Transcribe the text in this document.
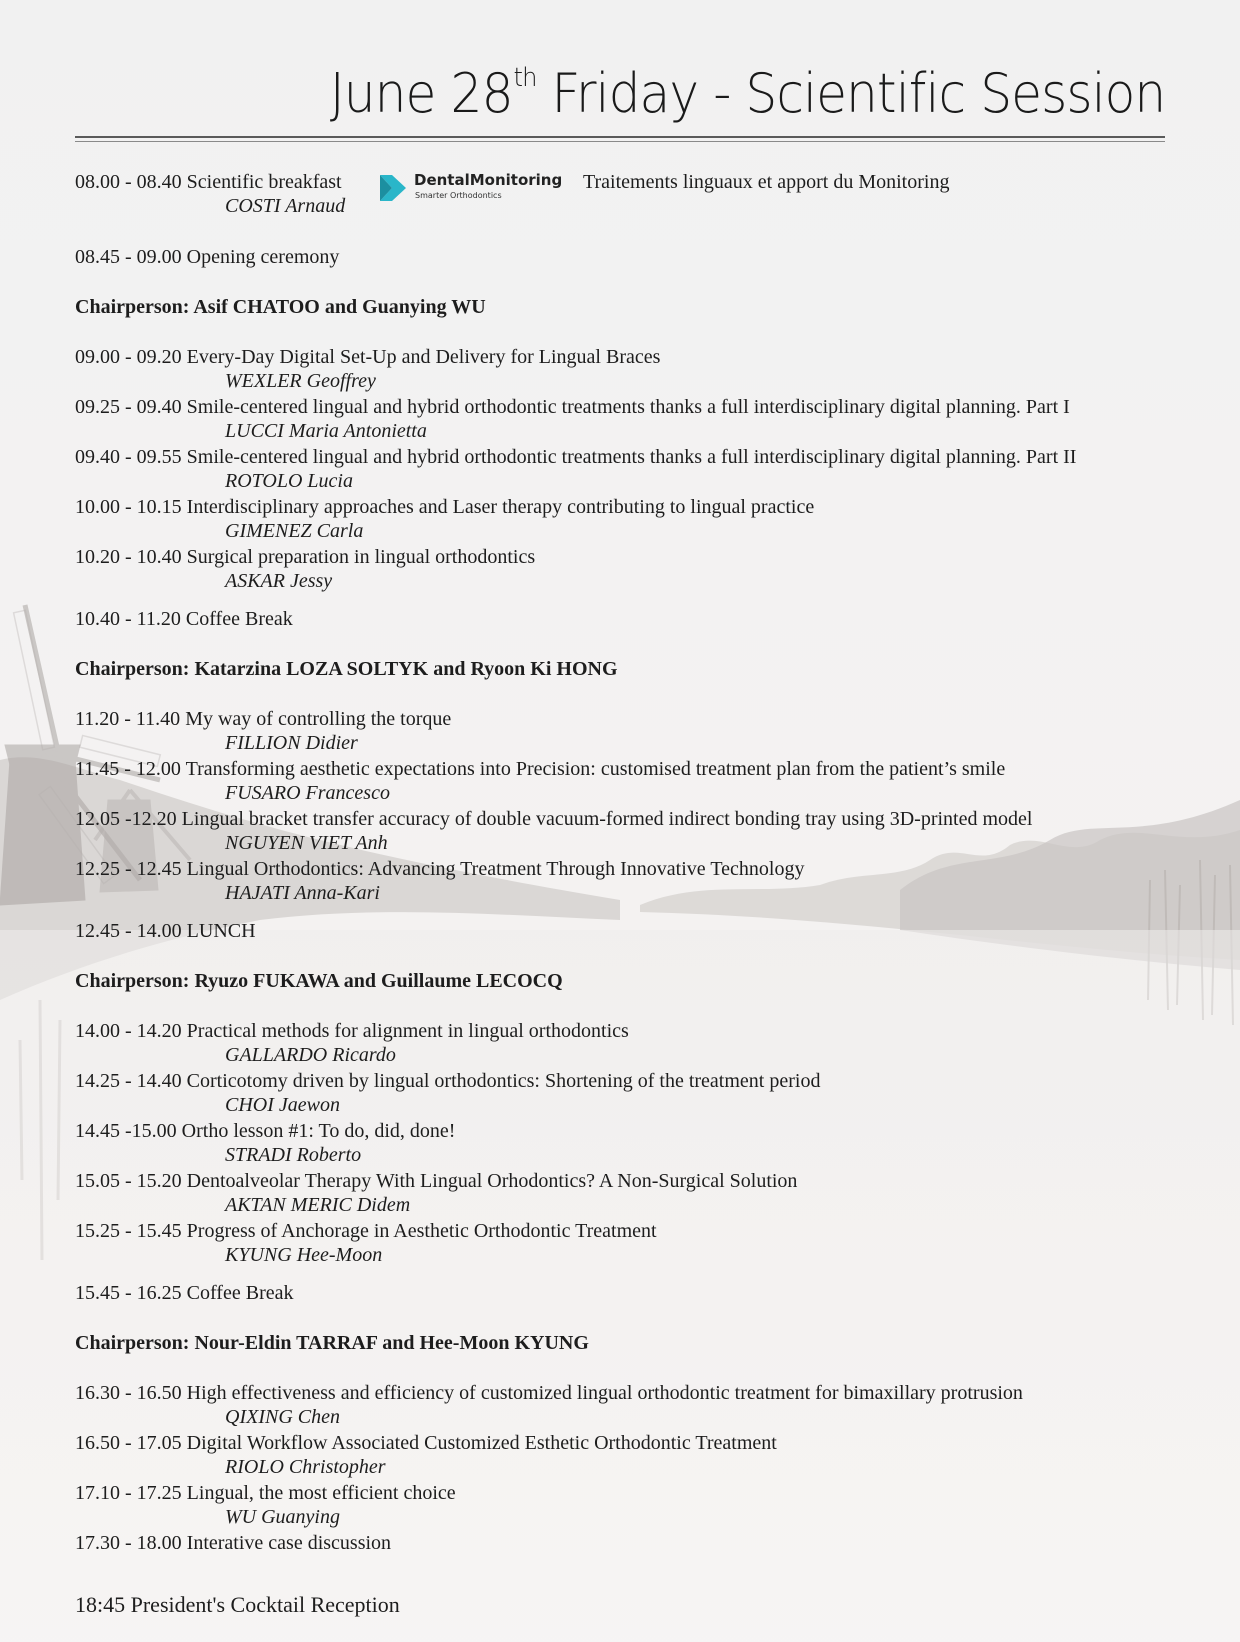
June 28th Friday - Scientific Session
08.00 - 08.40 Scientific breakfast
COSTI Arnaud
DentalMonitoring
Smarter Orthodontics
Traitements linguaux et apport du Monitoring
08.45 - 09.00 Opening ceremony
Chairperson: Asif CHATOO and Guanying WU
09.00 - 09.20 Every-Day Digital Set-Up and Delivery for Lingual Braces
WEXLER Geoffrey
09.25 - 09.40 Smile-centered lingual and hybrid orthodontic treatments thanks a full interdisciplinary digital planning. Part I
LUCCI Maria Antonietta
09.40 - 09.55 Smile-centered lingual and hybrid orthodontic treatments thanks a full interdisciplinary digital planning. Part II
ROTOLO Lucia
10.00 - 10.15 Interdisciplinary approaches and Laser therapy contributing to lingual practice
GIMENEZ Carla
10.20 - 10.40 Surgical preparation in lingual orthodontics
ASKAR Jessy
10.40 - 11.20 Coffee Break
Chairperson: Katarzina LOZA SOLTYK and Ryoon Ki HONG
11.20 - 11.40 My way of controlling the torque
FILLION Didier
11.45 - 12.00 Transforming aesthetic expectations into Precision: customised treatment plan from the patient’s smile
FUSARO Francesco
12.05 -12.20 Lingual bracket transfer accuracy of double vacuum-formed indirect bonding tray using 3D-printed model
NGUYEN VIET Anh
12.25 - 12.45 Lingual Orthodontics: Advancing Treatment Through Innovative Technology
HAJATI Anna-Kari
12.45 - 14.00 LUNCH
Chairperson: Ryuzo FUKAWA and Guillaume LECOCQ
14.00 - 14.20 Practical methods for alignment in lingual orthodontics
GALLARDO Ricardo
14.25 - 14.40 Corticotomy driven by lingual orthodontics: Shortening of the treatment period
CHOI Jaewon
14.45 -15.00 Ortho lesson #1: To do, did, done!
STRADI Roberto
15.05 - 15.20 Dentoalveolar Therapy With Lingual Orhodontics? A Non-Surgical Solution
AKTAN MERIC Didem
15.25 - 15.45 Progress of Anchorage in Aesthetic Orthodontic Treatment
KYUNG Hee-Moon
15.45 - 16.25 Coffee Break
Chairperson: Nour-Eldin TARRAF and Hee-Moon KYUNG
16.30 - 16.50 High effectiveness and efficiency of customized lingual orthodontic treatment for bimaxillary protrusion
QIXING Chen
16.50 - 17.05 Digital Workflow Associated Customized Esthetic Orthodontic Treatment
RIOLO Christopher
17.10 - 17.25 Lingual, the most efficient choice
WU Guanying
17.30 - 18.00 Interative case discussion
18:45 President's Cocktail Reception
